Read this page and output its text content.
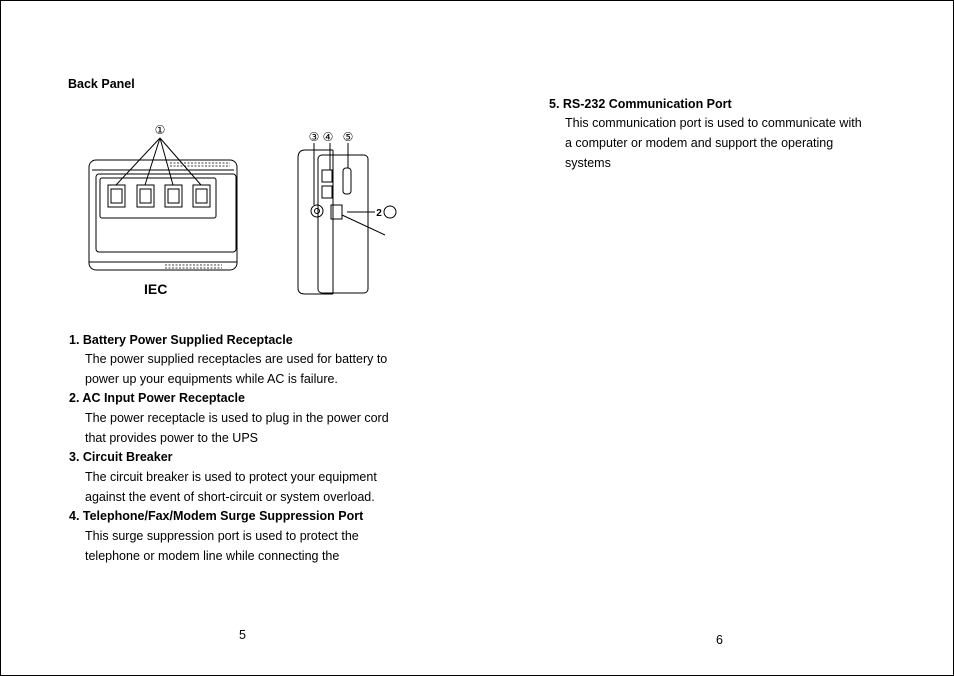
Back Panel
①	③ ④ ⑤
2
IEC
1. Battery Power Supplied Receptacle
The power supplied receptacles are used for battery to
power up your equipments while AC is failure.
2. AC Input Power Receptacle
The power receptacle is used to plug in the power cord
that provides power to the UPS
3. Circuit Breaker
The circuit breaker is used to protect your equipment
against the event of short-circuit or system overload.
4. Telephone/Fax/Modem Surge Suppression Port
This surge suppression port is used to protect the
telephone or modem line while connecting the
5
5. RS-232 Communication Port
This communication port is used to communicate with
a computer or modem and support the operating
systems
6
